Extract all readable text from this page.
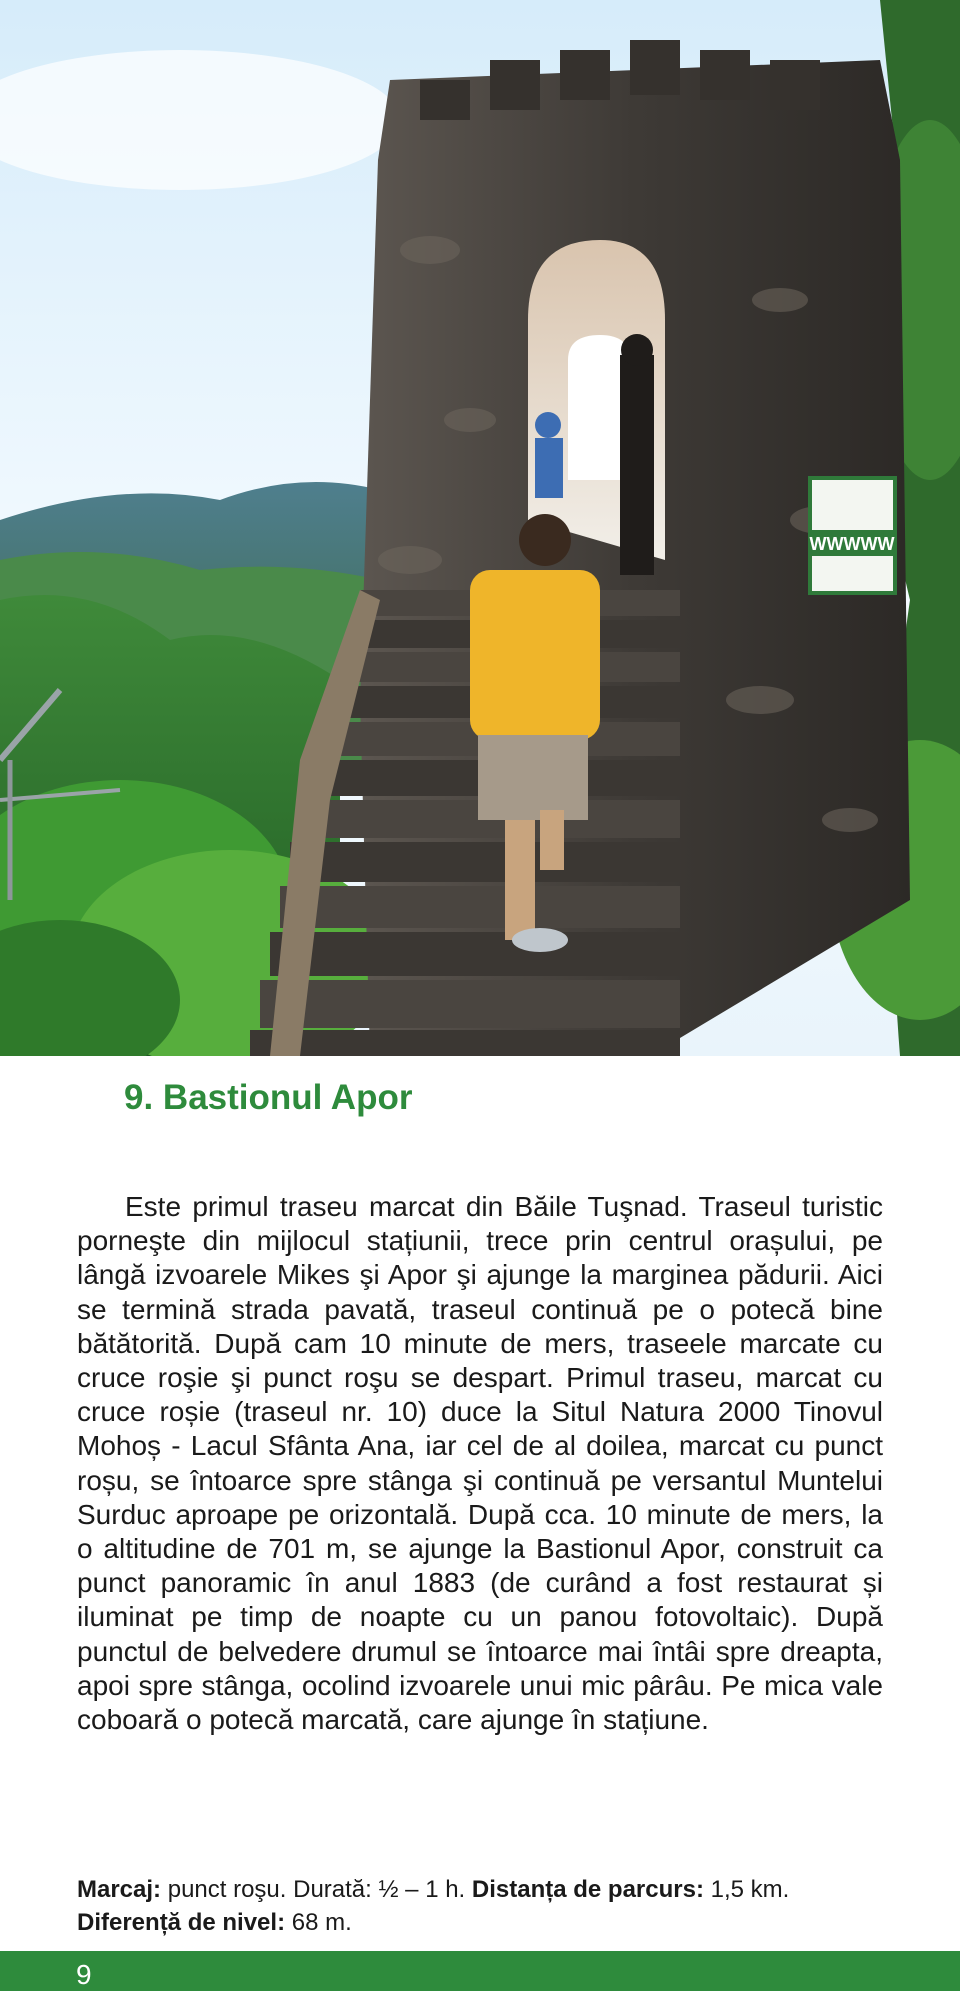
WWWWW
9. Bastionul Apor

Este primul traseu marcat din Băile Tuşnad. Traseul turistic porneşte din mijlocul stațiunii, trece prin centrul orașului, pe lângă izvoarele Mikes şi Apor şi ajunge la marginea pădurii. Aici se termină strada pavată, traseul continuă pe o potecă bine bătătorită. După cam 10 minute de mers, traseele marcate cu cruce roşie şi punct roşu se despart. Primul traseu, marcat cu cruce roșie (traseul nr. 10) duce la Situl Natura 2000 Tinovul Mohoș - Lacul Sfânta Ana, iar cel de al doilea, marcat cu punct roșu, se întoarce spre stânga şi continuă pe versantul Muntelui Surduc aproape pe orizontală. După cca. 10 minute de mers, la o altitudine de 701 m, se ajunge la Bastionul Apor, construit ca punct panoramic în anul 1883 (de curând a fost restaurat și iluminat pe timp de noapte cu un panou fotovoltaic). După punctul de belvedere drumul se întoarce mai întâi spre dreapta, apoi spre stânga, ocolind izvoarele unui mic pârâu. Pe mica vale coboară o potecă marcată, care ajunge în stațiune.

Marcaj: punct roşu. Durată: ½ – 1 h. Distanța de parcurs: 1,5 km.
Diferență de nivel: 68 m.

9
